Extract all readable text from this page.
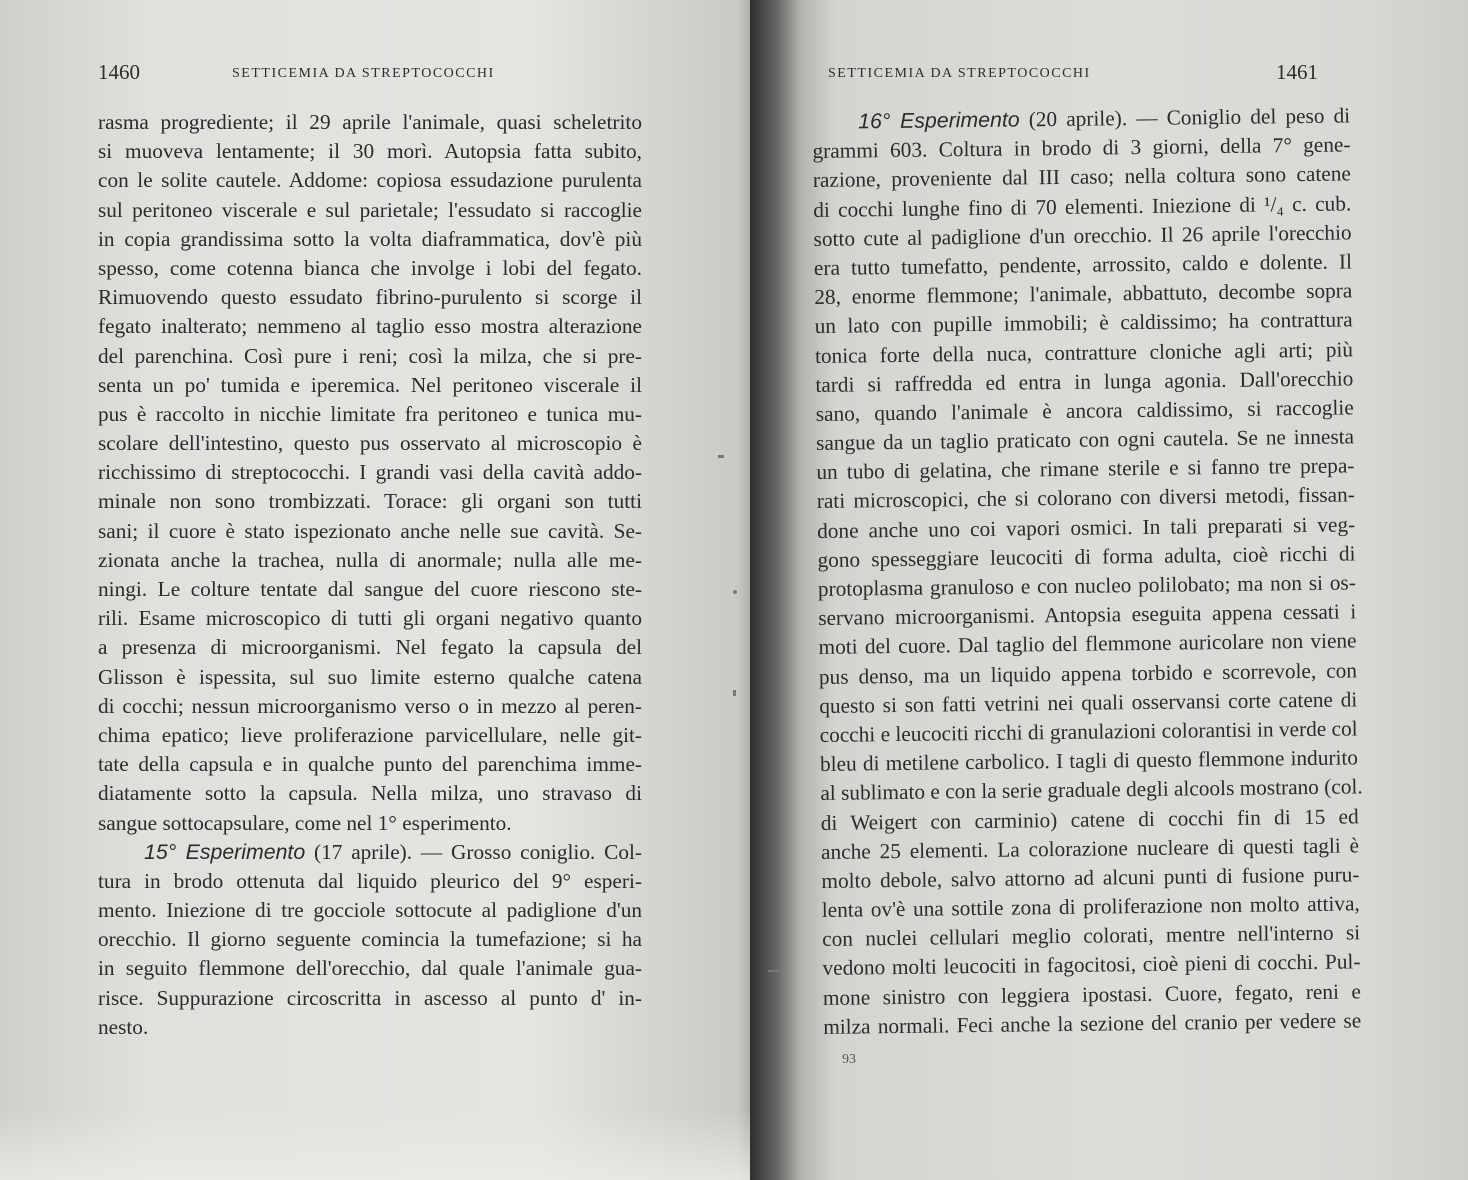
1460	SETTICEMIA DA STREPTOCOCCHI	SETTICEMIA DA STREPTOCOCCHI	1461
rasma progrediente; il 29 aprile l'animale, quasi scheletrito
si muoveva lentamente; il 30 morì. Autopsia fatta subito,
con le solite cautele. Addome: copiosa essudazione purulenta
sul peritoneo viscerale e sul parietale; l'essudato si raccoglie
in copia grandissima sotto la volta diaframmatica, dov'è più
spesso, come cotenna bianca che involge i lobi del fegato.
Rimuovendo questo essudato fibrino-purulento si scorge il
fegato inalterato; nemmeno al taglio esso mostra alterazione
del parenchina. Così pure i reni; così la milza, che si pre-
senta un po' tumida e iperemica. Nel peritoneo viscerale il
pus è raccolto in nicchie limitate fra peritoneo e tunica mu-
scolare dell'intestino, questo pus osservato al microscopio è
ricchissimo di streptococchi. I grandi vasi della cavità addo-
minale non sono trombizzati. Torace: gli organi son tutti
sani; il cuore è stato ispezionato anche nelle sue cavità. Se-
zionata anche la trachea, nulla di anormale; nulla alle me-
ningi. Le colture tentate dal sangue del cuore riescono ste-
rili. Esame microscopico di tutti gli organi negativo quanto
a presenza di microorganismi. Nel fegato la capsula del
Glisson è ispessita, sul suo limite esterno qualche catena
di cocchi; nessun microorganismo verso o in mezzo al peren-
chima epatico; lieve proliferazione parvicellulare, nelle git-
tate della capsula e in qualche punto del parenchima imme-
diatamente sotto la capsula. Nella milza, uno stravaso di
sangue sottocapsulare, come nel 1° esperimento.
15° Esperimento (17 aprile). — Grosso coniglio. Col-
tura in brodo ottenuta dal liquido pleurico del 9° esperi-
mento. Iniezione di tre gocciole sottocute al padiglione d'un
orecchio. Il giorno seguente comincia la tumefazione; si ha
in seguito flemmone dell'orecchio, dal quale l'animale gua-
risce. Suppurazione circoscritta in ascesso al punto d' in-
nesto.
16° Esperimento (20 aprile). — Coniglio del peso di
grammi 603. Coltura in brodo di 3 giorni, della 7° gene-
razione, proveniente dal III caso; nella coltura sono catene
di cocchi lunghe fino di 70 elementi. Iniezione di ¹/₄ c. cub.
sotto cute al padiglione d'un orecchio. Il 26 aprile l'orecchio
era tutto tumefatto, pendente, arrossito, caldo e dolente. Il
28, enorme flemmone; l'animale, abbattuto, decombe sopra
un lato con pupille immobili; è caldissimo; ha contrattura
tonica forte della nuca, contratture cloniche agli arti; più
tardi si raffredda ed entra in lunga agonia. Dall'orecchio
sano, quando l'animale è ancora caldissimo, si raccoglie
sangue da un taglio praticato con ogni cautela. Se ne innesta
un tubo di gelatina, che rimane sterile e si fanno tre prepa-
rati microscopici, che si colorano con diversi metodi, fissan-
done anche uno coi vapori osmici. In tali preparati si veg-
gono spesseggiare leucociti di forma adulta, cioè ricchi di
protoplasma granuloso e con nucleo polilobato; ma non si os-
servano microorganismi. Antopsia eseguita appena cessati i
moti del cuore. Dal taglio del flemmone auricolare non viene
pus denso, ma un liquido appena torbido e scorrevole, con
questo si son fatti vetrini nei quali osservansi corte catene di
cocchi e leucociti ricchi di granulazioni colorantisi in verde col
bleu di metilene carbolico. I tagli di questo flemmone indurito
al sublimato e con la serie graduale degli alcools mostrano (col.
di Weigert con carminio) catene di cocchi fin di 15 ed
anche 25 elementi. La colorazione nucleare di questi tagli è
molto debole, salvo attorno ad alcuni punti di fusione puru-
lenta ov'è una sottile zona di proliferazione non molto attiva,
con nuclei cellulari meglio colorati, mentre nell'interno si
vedono molti leucociti in fagocitosi, cioè pieni di cocchi. Pul-
mone sinistro con leggiera ipostasi. Cuore, fegato, reni e
milza normali. Feci anche la sezione del cranio per vedere se
93
